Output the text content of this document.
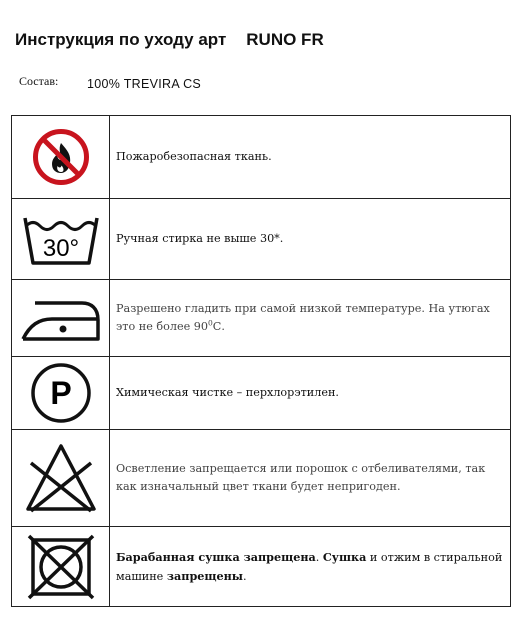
Инструкция по уходу арт RUNO FR
Состав: 100% TREVIRA CS
	Пожаробезопасная ткань.

30°	Ручная стирка не выше 30*.

	Разрешено гладить при самой низкой температуре. На утюгах это не более $90^0С$.

P	Химическая чистке – перхлорэтилен.

	Осветление запрещается или порошок с отбеливателями, так как изначальный цвет ткани будет непригоден.

	Барабанная сушка запрещена. Сушка и отжим в стиральной машине запрещены.
